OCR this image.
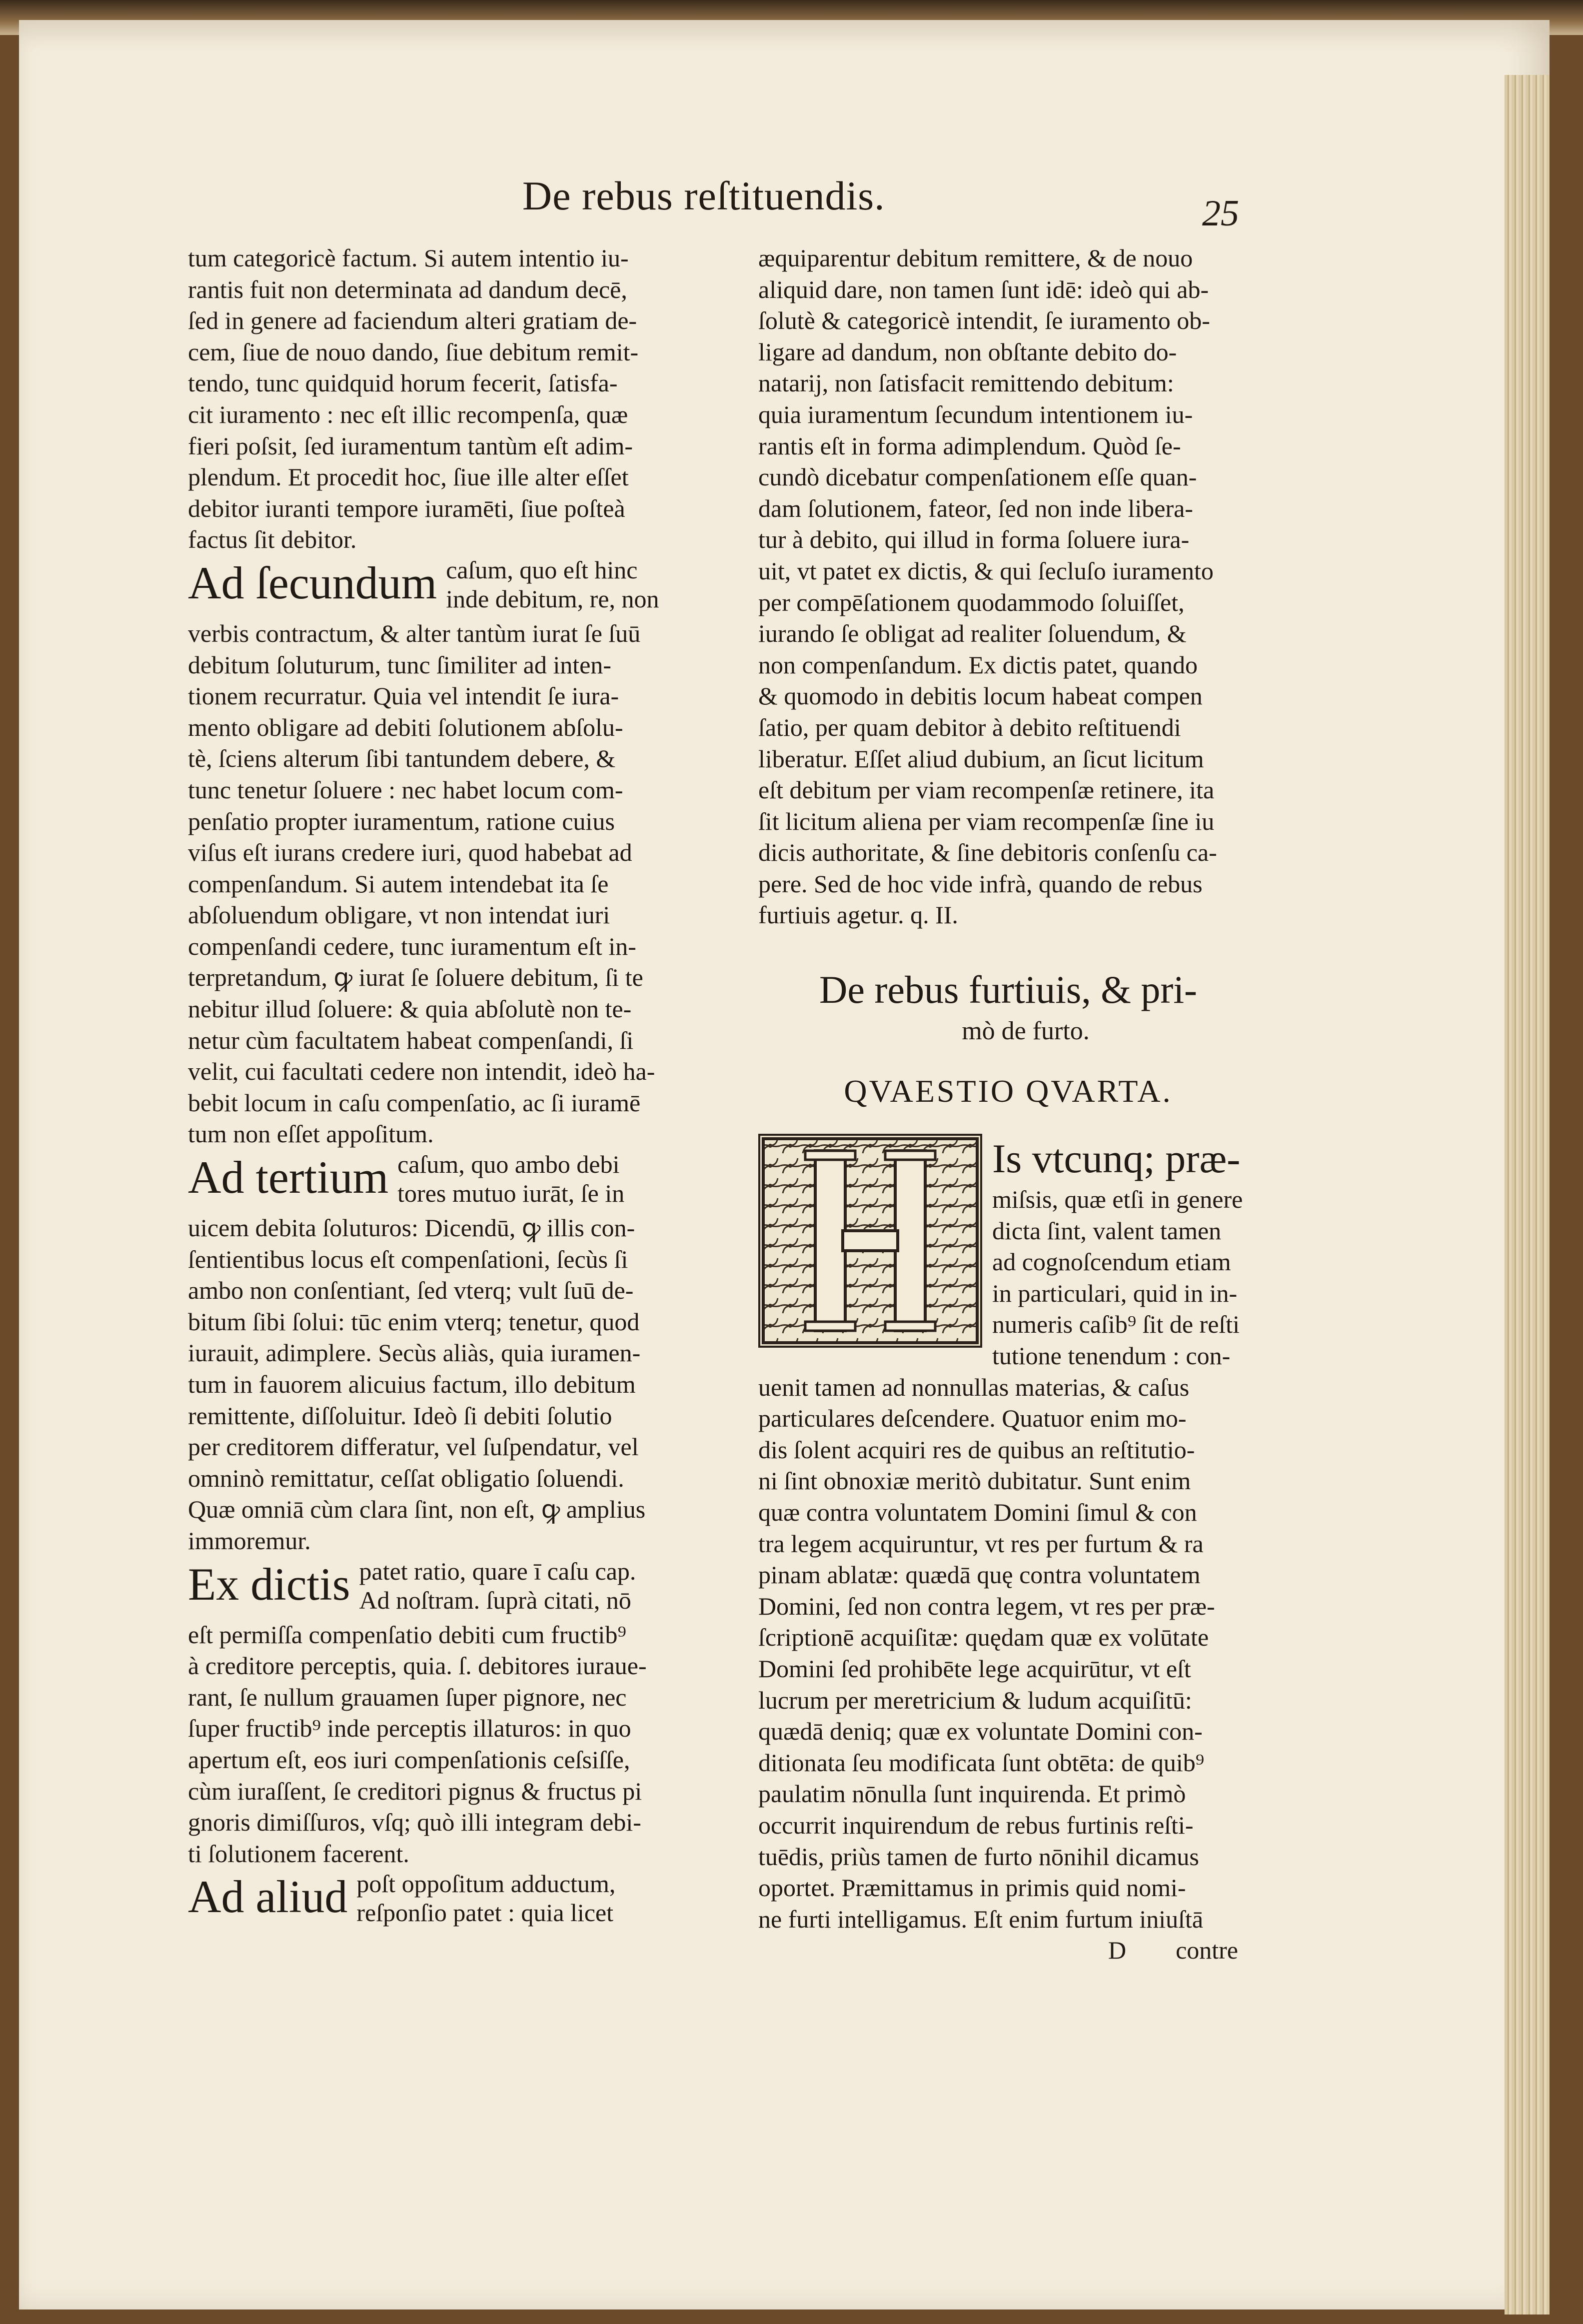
De rebus reſtituendis.	25
tum categoricè factum. Si autem intentio iu-
rantis fuit non determinata ad dandum decē,
ſed in genere ad faciendum alteri gratiam de-
cem, ſiue de nouo dando, ſiue debitum remit-
tendo, tunc quidquid horum fecerit, ſatisfa-
cit iuramento : nec eſt illic recompenſa, quæ
fieri poſsit, ſed iuramentum tantùm eſt adim-
plendum. Et procedit hoc, ſiue ille alter eſſet
debitor iuranti tempore iuramēti, ſiue poſteà
factus ſit debitor.
Ad ſecundum caſum, quo eſt hinc
inde debitum, re, non
verbis contractum, & alter tantùm iurat ſe ſuū
debitum ſoluturum, tunc ſimiliter ad inten-
tionem recurratur. Quia vel intendit ſe iura-
mento obligare ad debiti ſolutionem abſolu-
tè, ſciens alterum ſibi tantundem debere, &
tunc tenetur ſoluere : nec habet locum com-
penſatio propter iuramentum, ratione cuius
viſus eſt iurans credere iuri, quod habebat ad
compenſandum. Si autem intendebat ita ſe
abſoluendum obligare, vt non intendat iuri
compenſandi cedere, tunc iuramentum eſt in-
terpretandum, ꝙ iurat ſe ſoluere debitum, ſi te
nebitur illud ſoluere: & quia abſolutè non te-
netur cùm facultatem habeat compenſandi, ſi
velit, cui facultati cedere non intendit, ideò ha-
bebit locum in caſu compenſatio, ac ſi iuramē
tum non eſſet appoſitum.
Ad tertium caſum, quo ambo debi
tores mutuo iurāt, ſe in
uicem debita ſoluturos: Dicendū, ꝙ illis con-
ſentientibus locus eſt compenſationi, ſecùs ſi
ambo non conſentiant, ſed vterq; vult ſuū de-
bitum ſibi ſolui: tūc enim vterq; tenetur, quod
iurauit, adimplere. Secùs aliàs, quia iuramen-
tum in fauorem alicuius factum, illo debitum
remittente, diſſoluitur. Ideò ſi debiti ſolutio
per creditorem differatur, vel ſuſpendatur, vel
omninò remittatur, ceſſat obligatio ſoluendi.
Quæ omniā cùm clara ſint, non eſt, ꝙ amplius
immoremur.
Ex dictis patet ratio, quare ī caſu cap.
Ad noſtram. ſuprà citati, nō
eſt permiſſa compenſatio debiti cum fructib⁹
à creditore perceptis, quia. ſ. debitores iuraue-
rant, ſe nullum grauamen ſuper pignore, nec
ſuper fructib⁹ inde perceptis illaturos: in quo
apertum eſt, eos iuri compenſationis ceſsiſſe,
cùm iuraſſent, ſe creditori pignus & fructus pi
gnoris dimiſſuros, vſq; quò illi integram debi-
ti ſolutionem facerent.
Ad aliud poſt oppoſitum adductum,
reſponſio patet : quia licet
æquiparentur debitum remittere, & de nouo
aliquid dare, non tamen ſunt idē: ideò qui ab-
ſolutè & categoricè intendit, ſe iuramento ob-
ligare ad dandum, non obſtante debito do-
natarij, non ſatisfacit remittendo debitum:
quia iuramentum ſecundum intentionem iu-
rantis eſt in forma adimplendum. Quòd ſe-
cundò dicebatur compenſationem eſſe quan-
dam ſolutionem, fateor, ſed non inde libera-
tur à debito, qui illud in forma ſoluere iura-
uit, vt patet ex dictis, & qui ſecluſo iuramento
per compēſationem quodammodo ſoluiſſet,
iurando ſe obligat ad realiter ſoluendum, &
non compenſandum. Ex dictis patet, quando
& quomodo in debitis locum habeat compen
ſatio, per quam debitor à debito reſtituendi
liberatur. Eſſet aliud dubium, an ſicut licitum
eſt debitum per viam recompenſæ retinere, ita
ſit licitum aliena per viam recompenſæ ſine iu
dicis authoritate, & ſine debitoris conſenſu ca-
pere. Sed de hoc vide infrà, quando de rebus
furtiuis agetur. q. II.
De rebus furtiuis, & pri-
mò de furto.
QVAESTIO QVARTA.
Is vtcunq; præ-
miſsis, quæ etſi in genere
dicta ſint, valent tamen
ad cognoſcendum etiam
in particulari, quid in in-
numeris caſib⁹ ſit de reſti
tutione tenendum : con-
uenit tamen ad nonnullas materias, & caſus
particulares deſcendere. Quatuor enim mo-
dis ſolent acquiri res de quibus an reſtitutio-
ni ſint obnoxiæ meritò dubitatur. Sunt enim
quæ contra voluntatem Domini ſimul & con
tra legem acquiruntur, vt res per furtum & ra
pinam ablatæ: quædā quę contra voluntatem
Domini, ſed non contra legem, vt res per præ-
ſcriptionē acquiſitæ: quędam quæ ex volūtate
Domini ſed prohibēte lege acquirūtur, vt eſt
lucrum per meretricium & ludum acquiſitū:
quædā deniq; quæ ex voluntate Domini con-
ditionata ſeu modificata ſunt obtēta: de quib⁹
paulatim nōnulla ſunt inquirenda. Et primò
occurrit inquirendum de rebus furtinis reſti-
tuēdis, priùs tamen de furto nōnihil dicamus
oportet. Præmittamus in primis quid nomi-
ne furti intelligamus. Eſt enim furtum iniuſtā
D contre
